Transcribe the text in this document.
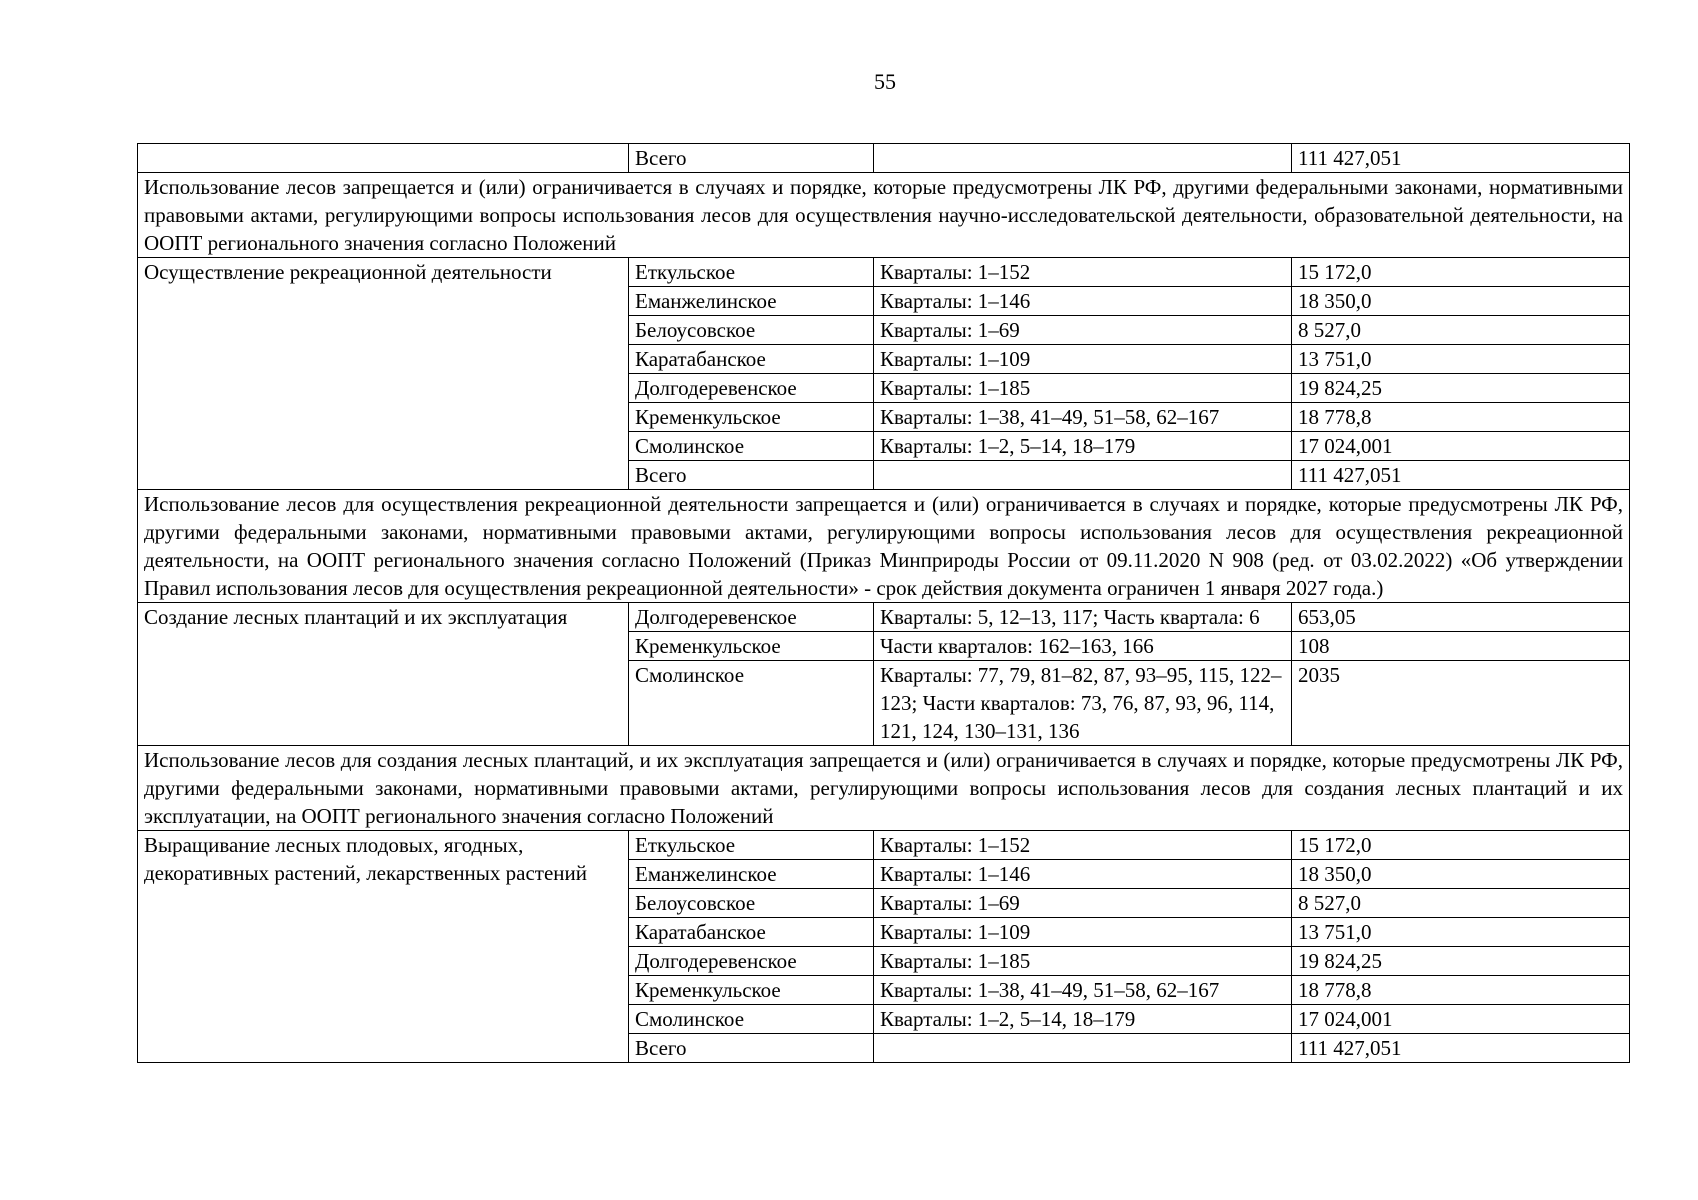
55
	Всего		111 427,051
Использование лесов запрещается и (или) ограничивается в случаях и порядке, которые предусмотрены ЛК РФ, другими федеральными законами, нормативными правовыми актами, регулирующими вопросы использования лесов для осуществления научно-исследовательской деятельности, образовательной деятельности, на ООПТ регионального значения согласно Положений			
Осуществление рекреационной деятельности	Еткульское	Кварталы: 1–152	15 172,0
	Еманжелинское	Кварталы: 1–146	18 350,0
	Белоусовское	Кварталы: 1–69	8 527,0
	Каратабанское	Кварталы: 1–109	13 751,0
	Долгодеревенское	Кварталы: 1–185	19 824,25
	Кременкульское	Кварталы: 1–38, 41–49, 51–58, 62–167	18 778,8
	Смолинское	Кварталы: 1–2, 5–14, 18–179	17 024,001
	Всего		111 427,051
Использование лесов для осуществления рекреационной деятельности запрещается и (или) ограничивается в случаях и порядке, которые предусмотрены ЛК РФ, другими федеральными законами, нормативными правовыми актами, регулирующими вопросы использования лесов для осуществления рекреационной деятельности, на ООПТ регионального значения согласно Положений (Приказ Минприроды России от 09.11.2020 N 908 (ред. от 03.02.2022) «Об утверждении Правил использования лесов для осуществления рекреационной деятельности» - срок действия документа ограничен 1 января 2027 года.)			
Создание лесных плантаций и их эксплуатация	Долгодеревенское	Кварталы: 5, 12–13, 117; Часть квартала: 6	653,05
	Кременкульское	Части кварталов: 162–163, 166	108
	Смолинское	Кварталы: 77, 79, 81–82, 87, 93–95, 115, 122–123; Части кварталов: 73, 76, 87, 93, 96, 114, 121, 124, 130–131, 136	2035
Использование лесов для создания лесных плантаций, и их эксплуатация запрещается и (или) ограничивается в случаях и порядке, которые предусмотрены ЛК РФ, другими федеральными законами, нормативными правовыми актами, регулирующими вопросы использования лесов для создания лесных плантаций и их эксплуатации, на ООПТ регионального значения согласно Положений			
Выращивание лесных плодовых, ягодных, декоративных растений, лекарственных растений	Еткульское	Кварталы: 1–152	15 172,0
	Еманжелинское	Кварталы: 1–146	18 350,0
	Белоусовское	Кварталы: 1–69	8 527,0
	Каратабанское	Кварталы: 1–109	13 751,0
	Долгодеревенское	Кварталы: 1–185	19 824,25
	Кременкульское	Кварталы: 1–38, 41–49, 51–58, 62–167	18 778,8
	Смолинское	Кварталы: 1–2, 5–14, 18–179	17 024,001
	Всего		111 427,051
